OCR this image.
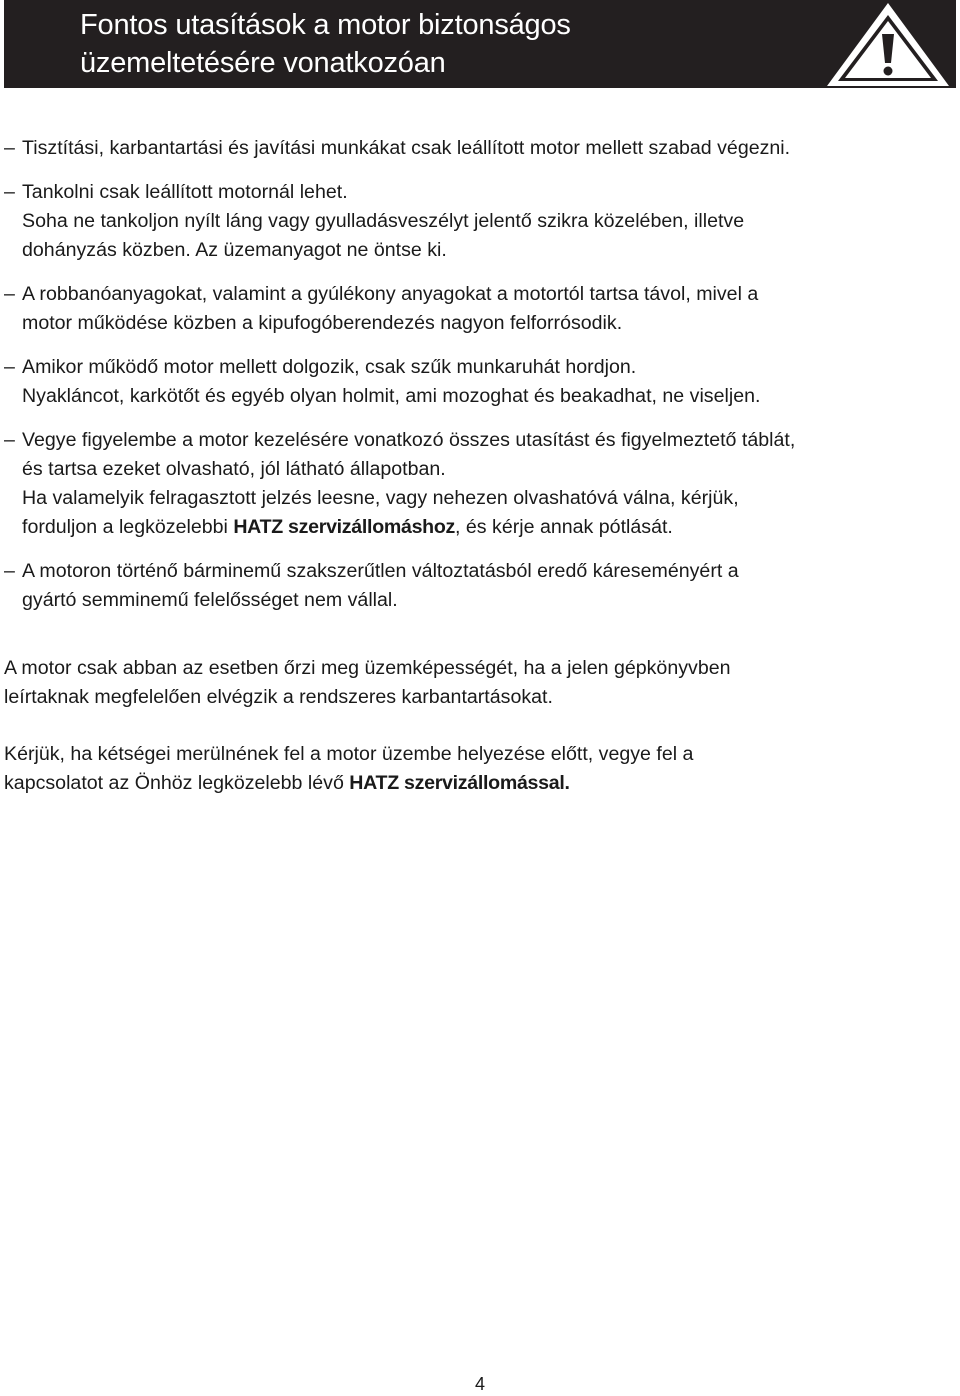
Fontos utasítások a motor biztonságos
üzemeltetésére vonatkozóan
– Tisztítási, karbantartási és javítási munkákat csak leállított motor mellett szabad végezni.
– Tankolni csak leállított motornál lehet.
Soha ne tankoljon nyílt láng vagy gyulladásveszélyt jelentő szikra közelében, illetve
dohányzás közben. Az üzemanyagot ne öntse ki.
– A robbanóanyagokat, valamint a gyúlékony anyagokat a motortól tartsa távol, mivel a
motor működése közben a kipufogóberendezés nagyon felforrósodik.
– Amikor működő motor mellett dolgozik, csak szűk munkaruhát hordjon.
Nyakláncot, karkötőt és egyéb olyan holmit, ami mozoghat és beakadhat, ne viseljen.
– Vegye figyelembe a motor kezelésére vonatkozó összes utasítást és figyelmeztető táblát,
és tartsa ezeket olvasható, jól látható állapotban.
Ha valamelyik felragasztott jelzés leesne, vagy nehezen olvashatóvá válna, kérjük,
forduljon a legközelebbi HATZ szervizállomáshoz, és kérje annak pótlását.
– A motoron történő bárminemű szakszerűtlen változtatásból eredő káreseményért a
gyártó semminemű felelősséget nem vállal.
A motor csak abban az esetben őrzi meg üzemképességét, ha a jelen gépkönyvben
leírtaknak megfelelően elvégzik a rendszeres karbantartásokat.
Kérjük, ha kétségei merülnének fel a motor üzembe helyezése előtt, vegye fel a
kapcsolatot az Önhöz legközelebb lévő HATZ szervizállomással.
4
